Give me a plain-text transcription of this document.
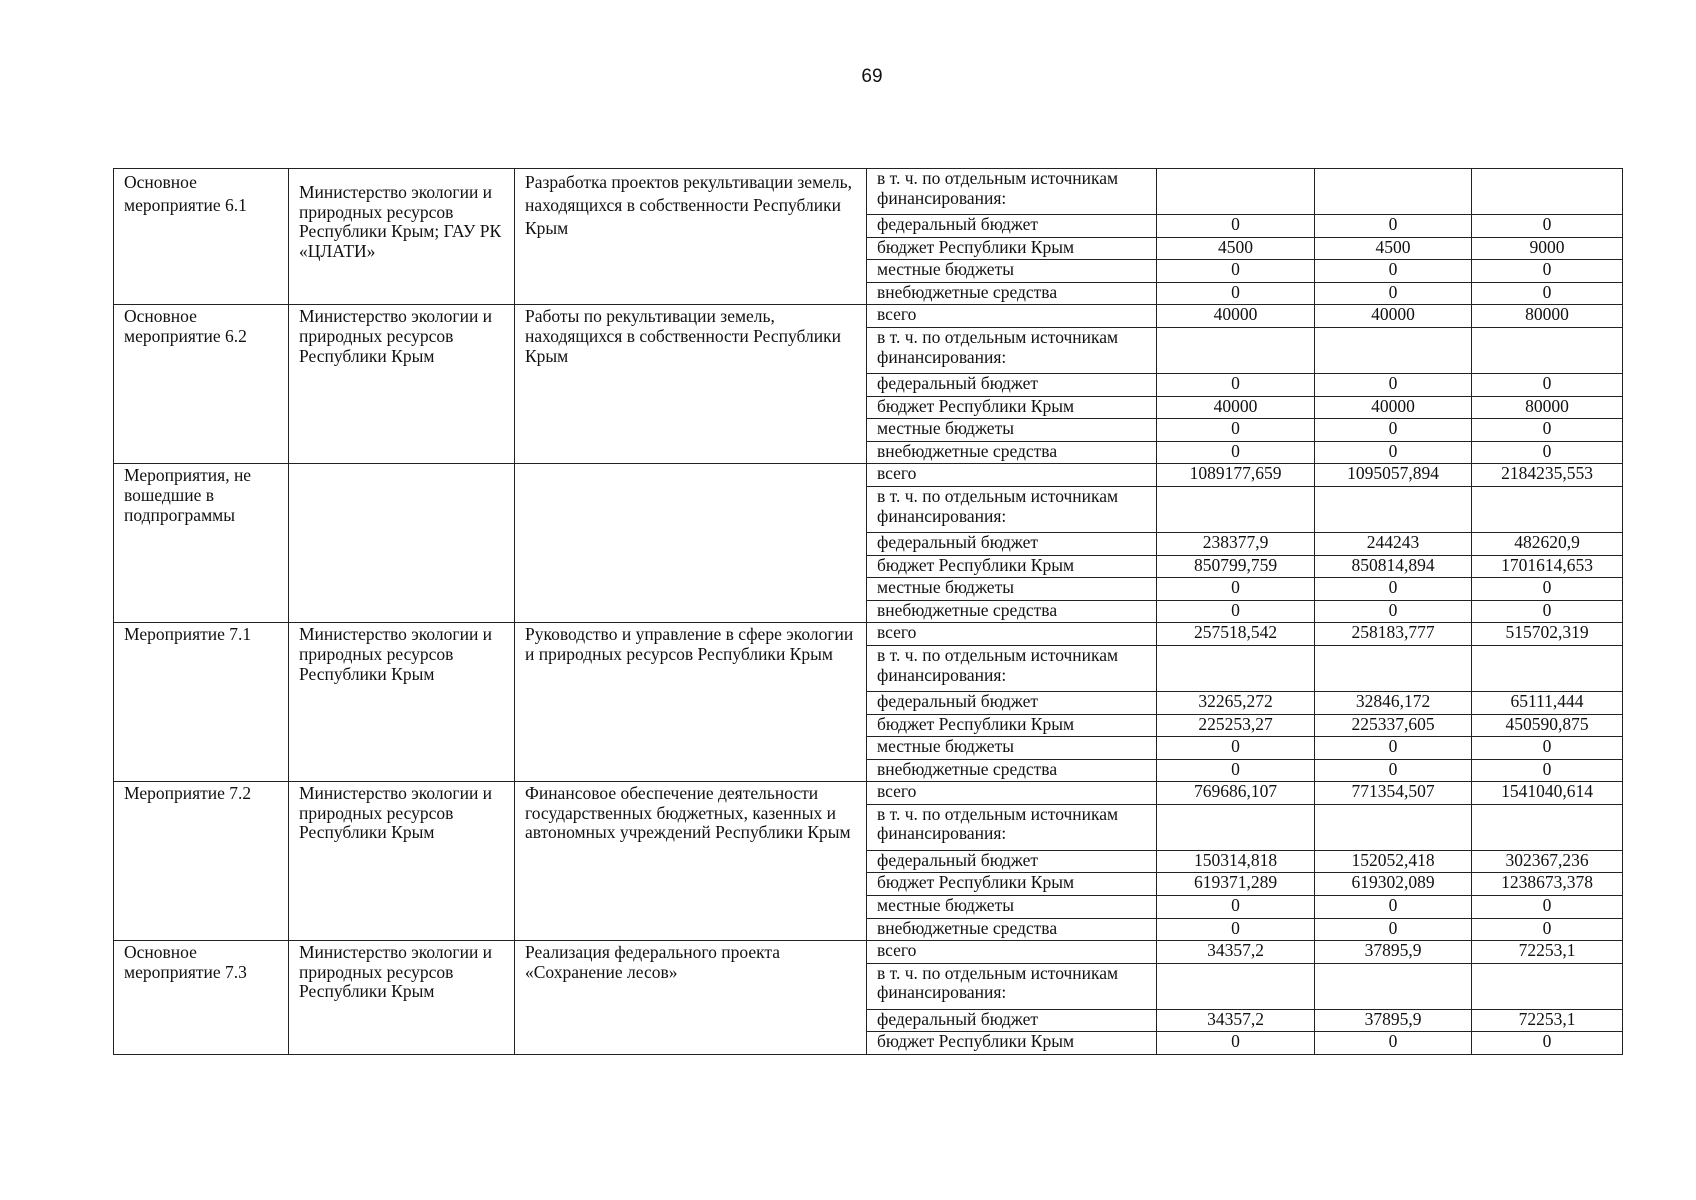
69
Основное мероприятие 6.1	Министерство экологии и природных ресурсов Республики Крым; ГАУ РК «ЦЛАТИ»	Разработка проектов рекультивации земель, находящихся в собственности Республики Крым	в т. ч. по отдельным источникам финансирования:			
			федеральный бюджет	0	0	0
			бюджет Республики Крым	4500	4500	9000
			местные бюджеты	0	0	0
			внебюджетные средства	0	0	0
Основное мероприятие 6.2	Министерство экологии и природных ресурсов Республики Крым	Работы по рекультивации земель, находящихся в собственности Республики Крым	всего	40000	40000	80000
			в т. ч. по отдельным источникам финансирования:			
			федеральный бюджет	0	0	0
			бюджет Республики Крым	40000	40000	80000
			местные бюджеты	0	0	0
			внебюджетные средства	0	0	0
Мероприятия, не вошедшие в подпрограммы			всего	1089177,659	1095057,894	2184235,553
			в т. ч. по отдельным источникам финансирования:			
			федеральный бюджет	238377,9	244243	482620,9
			бюджет Республики Крым	850799,759	850814,894	1701614,653
			местные бюджеты	0	0	0
			внебюджетные средства	0	0	0
Мероприятие 7.1	Министерство экологии и природных ресурсов Республики Крым	Руководство и управление в сфере экологии и природных ресурсов Республики Крым	всего	257518,542	258183,777	515702,319
			в т. ч. по отдельным источникам финансирования:			
			федеральный бюджет	32265,272	32846,172	65111,444
			бюджет Республики Крым	225253,27	225337,605	450590,875
			местные бюджеты	0	0	0
			внебюджетные средства	0	0	0
Мероприятие 7.2	Министерство экологии и природных ресурсов Республики Крым	Финансовое обеспечение деятельности государственных бюджетных, казенных и автономных учреждений Республики Крым	всего	769686,107	771354,507	1541040,614
			в т. ч. по отдельным источникам финансирования:			
			федеральный бюджет	150314,818	152052,418	302367,236
			бюджет Республики Крым	619371,289	619302,089	1238673,378
			местные бюджеты	0	0	0
			внебюджетные средства	0	0	0
Основное мероприятие 7.3	Министерство экологии и природных ресурсов Республики Крым	Реализация федерального проекта «Сохранение лесов»	всего	34357,2	37895,9	72253,1
			в т. ч. по отдельным источникам финансирования:			
			федеральный бюджет	34357,2	37895,9	72253,1
			бюджет Республики Крым	0	0	0
